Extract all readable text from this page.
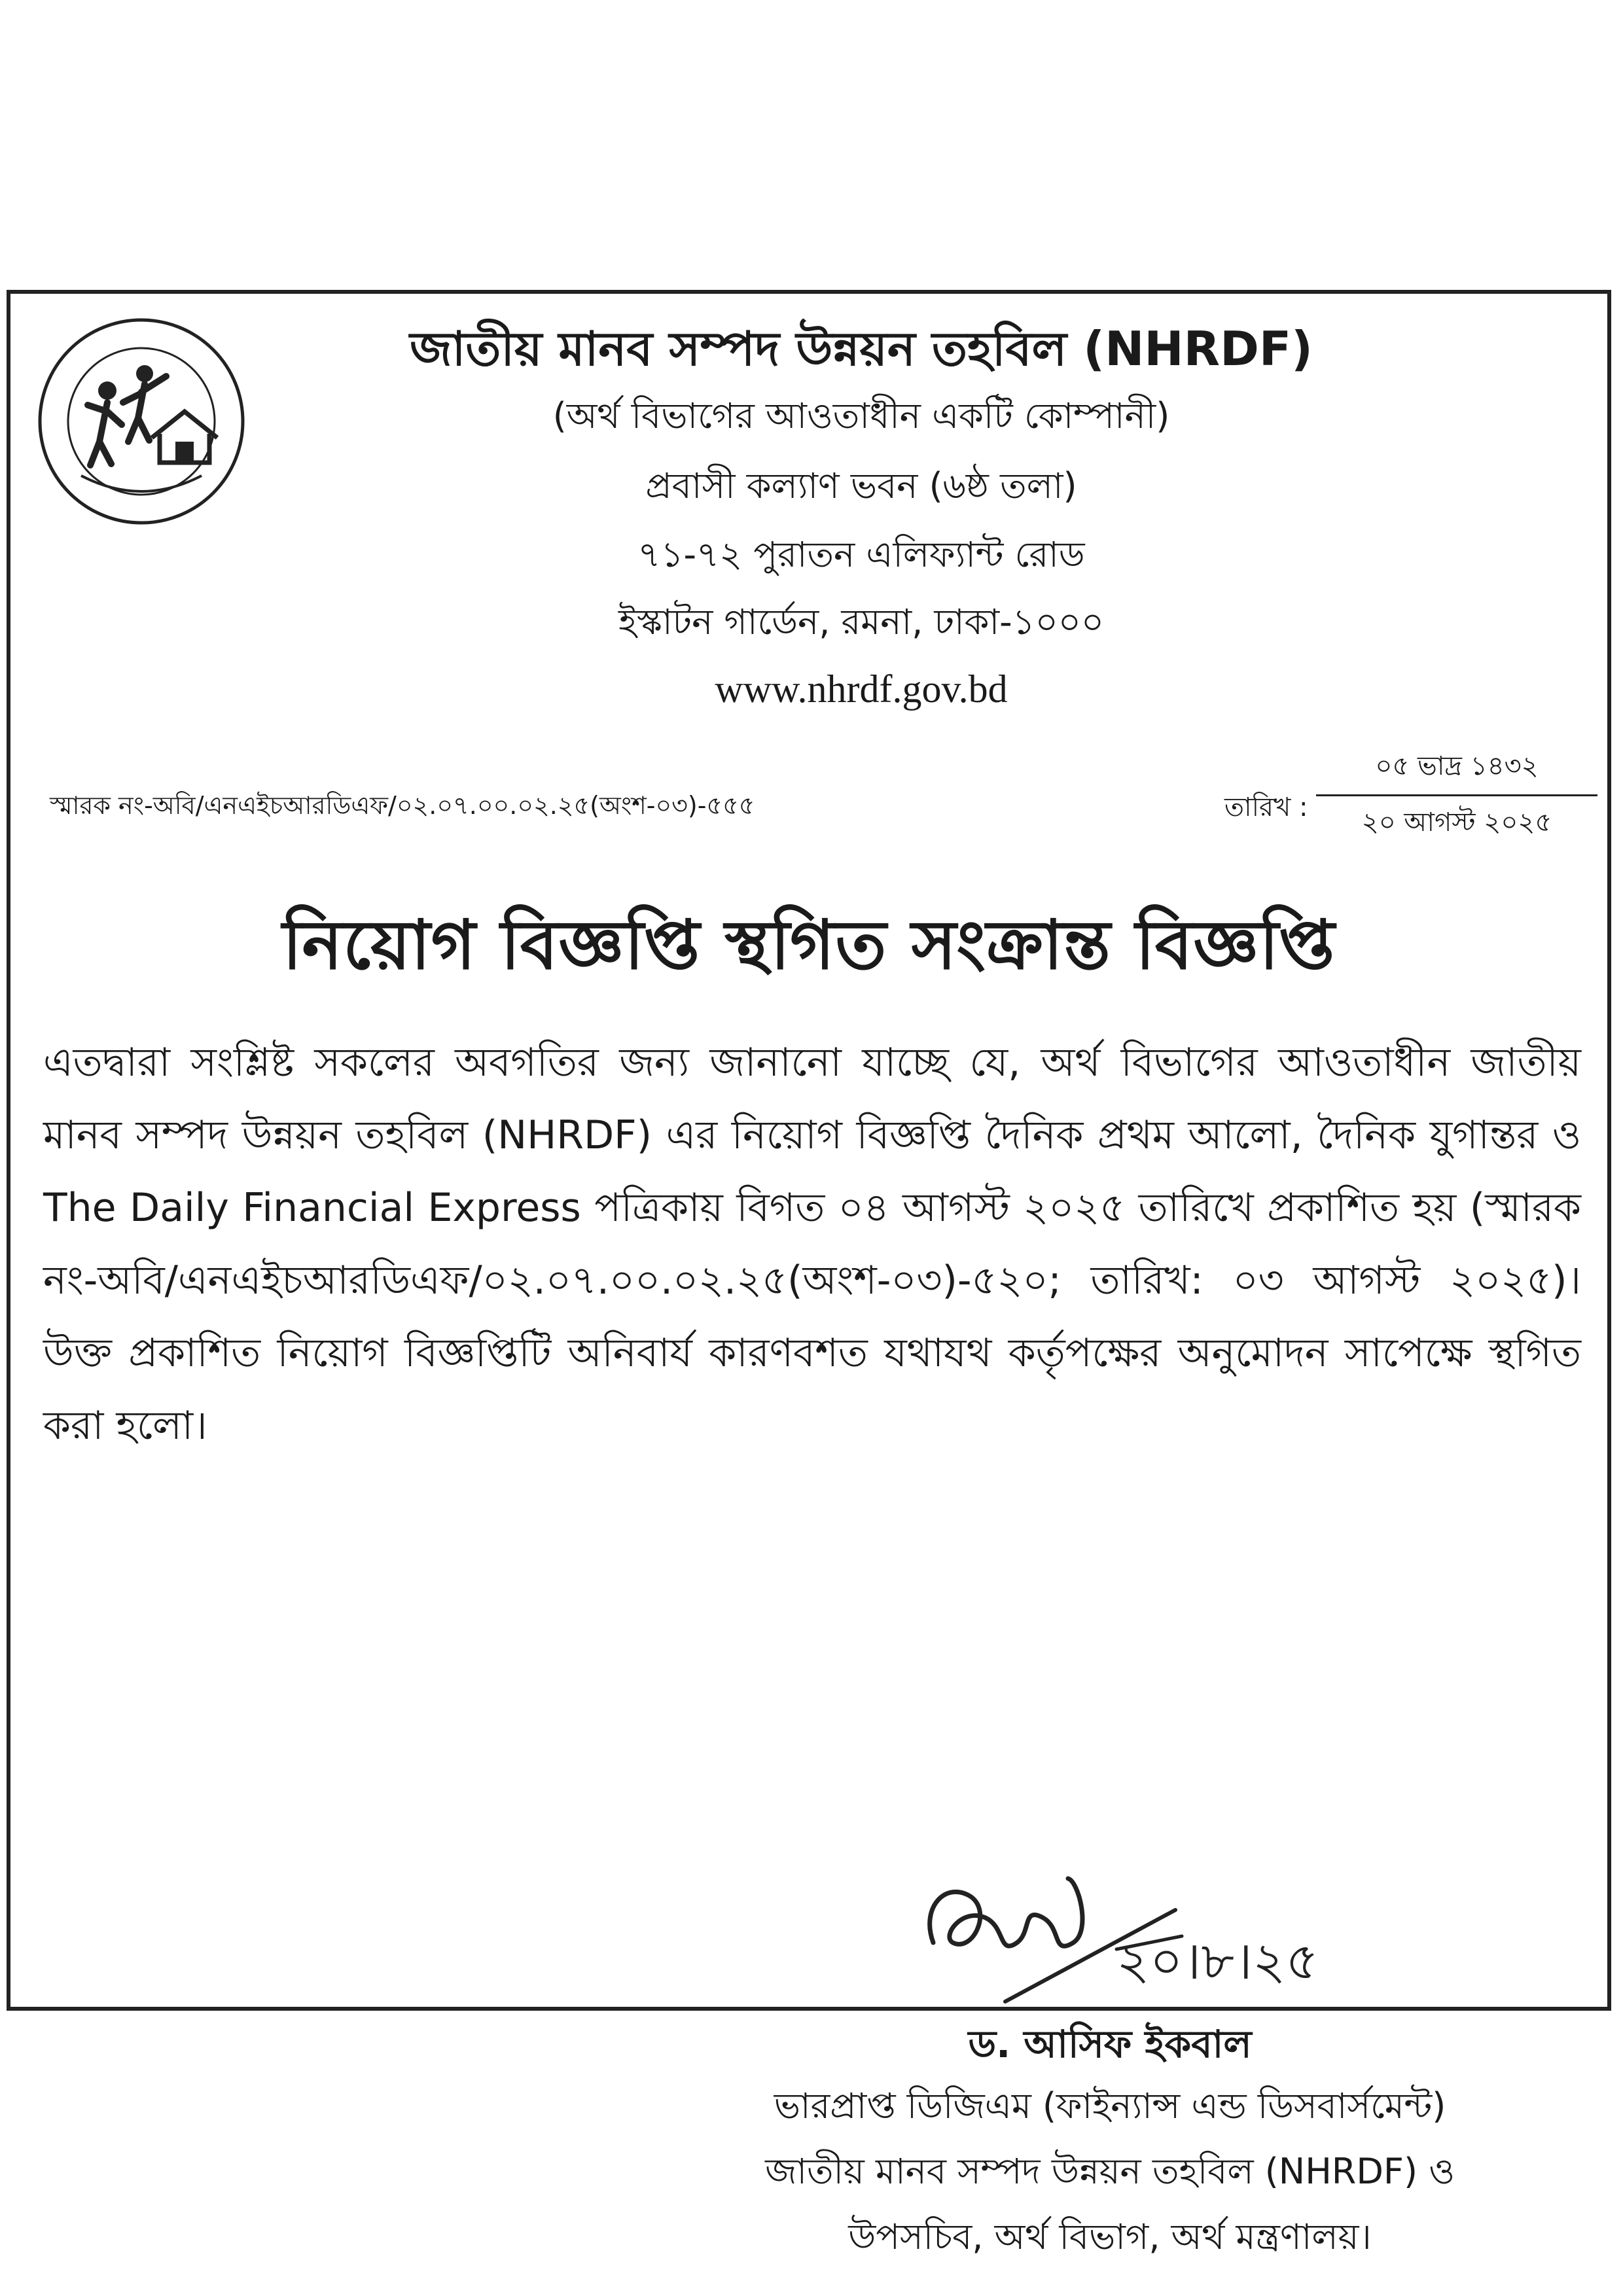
জাতীয় মানব সম্পদ উন্নয়ন তহবিল (NHRDF)
(অর্থ বিভাগের আওতাধীন একটি কোম্পানী)
প্রবাসী কল্যাণ ভবন (৬ষ্ঠ তলা)
৭১-৭২ পুরাতন এলিফ্যান্ট রোড
ইস্কাটন গার্ডেন, রমনা, ঢাকা-১০০০
www.nhrdf.gov.bd
স্মারক নং-অবি/এনএইচআরডিএফ/০২.০৭.০০.০২.২৫(অংশ-০৩)-৫৫৫	তারিখ :
০৫ ভাদ্র ১৪৩২
২০ আগস্ট ২০২৫
নিয়োগ বিজ্ঞপ্তি স্থগিত সংক্রান্ত বিজ্ঞপ্তি
এতদ্বারা সংশ্লিষ্ট সকলের অবগতির জন্য জানানো যাচ্ছে যে, অর্থ বিভাগের আওতাধীন জাতীয় মানব সম্পদ উন্নয়ন তহবিল (NHRDF) এর নিয়োগ বিজ্ঞপ্তি দৈনিক প্রথম আলো, দৈনিক যুগান্তর ও The Daily Financial Express পত্রিকায় বিগত ০৪ আগস্ট ২০২৫ তারিখে প্রকাশিত হয় (স্মারক নং-অবি/এনএইচআরডিএফ/০২.০৭.০০.০২.২৫(অংশ-০৩)-৫২০; তারিখ: ০৩ আগস্ট ২০২৫)। উক্ত প্রকাশিত নিয়োগ বিজ্ঞপ্তিটি অনিবার্য কারণবশত যথাযথ কর্তৃপক্ষের অনুমোদন সাপেক্ষে স্থগিত করা হলো।
২০।৮।২৫
ড. আসিফ ইকবাল
ভারপ্রাপ্ত ডিজিএম (ফাইন্যান্স এন্ড ডিসবার্সমেন্ট)
জাতীয় মানব সম্পদ উন্নয়ন তহবিল (NHRDF) ও
উপসচিব, অর্থ বিভাগ, অর্থ মন্ত্রণালয়।
